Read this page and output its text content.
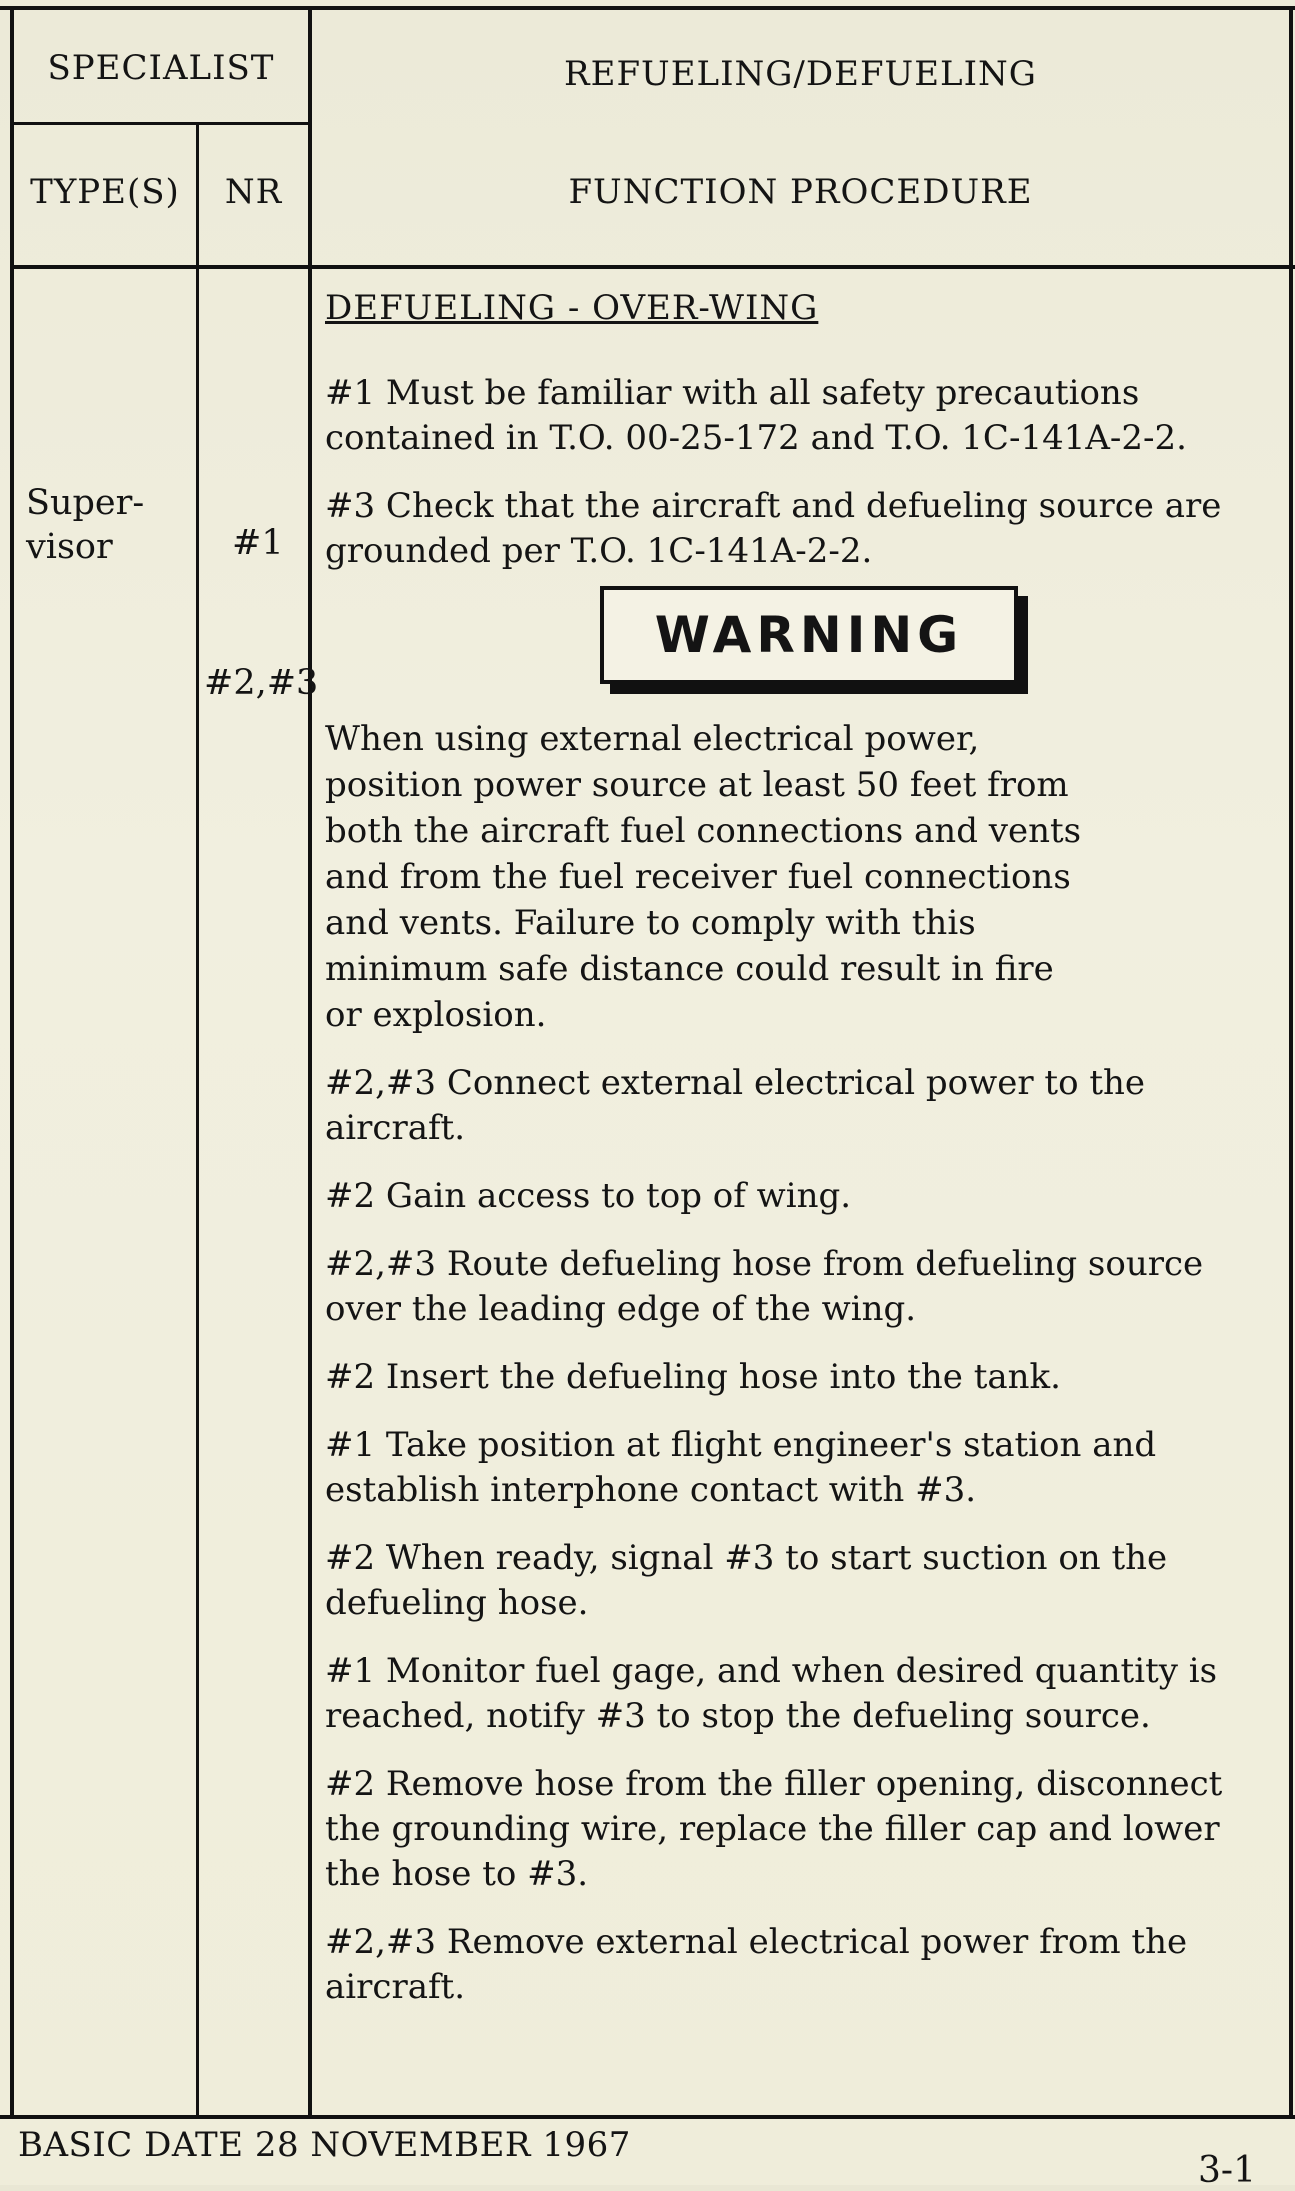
SPECIALIST
TYPE(S)	NR
REFUELING/DEFUELING
FUNCTION PROCEDURE
Super-
visor	#1
#2,#3
DEFUELING - OVER-WING

#1 Must be familiar with all safety precautions contained in T.O. 00-25-172 and T.O. 1C-141A-2-2.

#3 Check that the aircraft and defueling source are grounded per T.O. 1C-141A-2-2.

WARNING

When using external electrical power, position power source at least 50 feet from both the aircraft fuel connections and vents and from the fuel receiver fuel connections and vents. Failure to comply with this minimum safe distance could result in fire or explosion.

#2,#3 Connect external electrical power to the aircraft.

#2 Gain access to top of wing.

#2,#3 Route defueling hose from defueling source over the leading edge of the wing.

#2 Insert the defueling hose into the tank.

#1 Take position at flight engineer's station and establish interphone contact with #3.

#2 When ready, signal #3 to start suction on the defueling hose.

#1 Monitor fuel gage, and when desired quantity is reached, notify #3 to stop the defueling source.

#2 Remove hose from the filler opening, disconnect the grounding wire, replace the filler cap and lower the hose to #3.

#2,#3 Remove external electrical power from the aircraft.

BASIC DATE 28 NOVEMBER 1967
3-1
